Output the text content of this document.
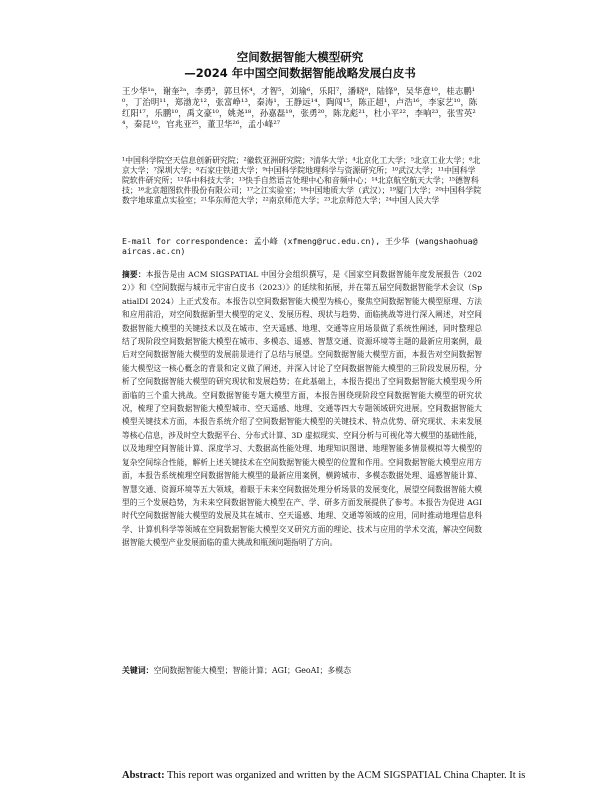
空间数据智能大模型研究
—2024 年中国空间数据智能战略发展白皮书
王少华¹ᵃ，谢奎²ᵃ，李勇³，郭旦怀⁴，才智⁵，刘瑜⁶，乐阳⁷，潘晓⁸，陆锋⁹，吴华意¹⁰，桂志鹏¹⁰，丁治明¹¹，郑渤龙¹²，张富峥¹³，秦涛¹，王静远¹⁴，陶闯¹⁵，陈正超¹，卢浩¹⁶，李家艺¹⁰，陈红阳¹⁷，乐鹏¹⁰，禹文豪¹⁰，姚尧¹⁸，孙嘉磊¹⁹，张勇²⁰，陈龙彪²¹，杜小平²²，李响²³，张雪英²⁴，秦昆¹⁰，官兆亚²⁵，董卫华²⁶，孟小峰²⁷
¹中国科学院空天信息创新研究院；²徽软亚洲研究院；³清华大学；⁴北京化工大学；⁵北京工业大学；⁶北京大学；⁷深圳大学；⁸石家庄铁道大学；⁹中国科学院地理科学与资源研究所；¹⁰武汉大学；¹¹中国科学院软件研究所；¹²华中科技大学；¹³快手自然语言处理中心和音频中心；¹⁴北京航空航天大学；¹⁵德智科技；¹⁶北京超图软件股份有限公司；¹⁷之江实验室；¹⁸中国地质大学（武汉）；¹⁹厦门大学；²⁰中国科学院数字地球重点实验室；²¹华东师范大学；²²南京师范大学；²³北京师范大学；²⁴中国人民大学
E-mail for correspondence: 孟小峰 (xfmeng@ruc.edu.cn), 王少华 (wangshaohua@aircas.ac.cn)
摘要：本报告是由 ACM SIGSPATIAL 中国分会组织撰写，是《国家空间数据智能年度发展报告（2022）》和《空间数据与城市元宇宙白皮书（2023）》的延续和拓展，并在第五届空间数据智能学术会议（SpatialDI 2024）上正式发布。本报告以空间数据智能大模型为核心，聚焦空间数据智能大模型原理、方法和应用前沿，对空间数据新型大模型的定义、发展历程、现状与趋势、面临挑战等进行深入阐述，对空间数据智能大模型的关键技术以及在城市、空天遥感、地理、交通等应用场景做了系统性阐述，同时整理总结了现阶段空间数据智能大模型在城市、多模态、遥感、智慧交通、资源环境等主题的最新应用案例，最后对空间数据智能大模型的发展前景进行了总结与展望。空间数据智能大模型方面，本报告对空间数据智能大模型这一核心概念的背景和定义做了阐述，并深入讨论了空间数据智能大模型的三阶段发展历程，分析了空间数据智能大模型的研究现状和发展趋势；在此基础上，本报告提出了空间数据智能大模型现今所面临的三个重大挑战。空间数据智能专题大模型方面，本报告围绕现阶段空间数据智能大模型的研究状况，梳理了空间数据智能大模型城市、空天遥感、地理、交通等四大专题领域研究进展。空间数据智能大模型关键技术方面，本报告系统介绍了空间数据智能大模型的关键技术、特点优势、研究现状、未来发展等核心信息，涉及时空大数据平台、分布式计算、3D 虚拟现实、空间分析与可视化等大模型的基础性能，以及地理空间智能计算、深度学习、大数据高性能处理、地理知识图谱、地理智能多情景模拟等大模型的复杂空间综合性能，解析上述关键技术在空间数据智能大模型的位置和作用。空间数据智能大模型应用方面，本报告系统梳理空间数据智能大模型的最新应用案例，横跨城市、多模态数据处理、遥感智能计算、智慧交通、资源环境等五大领域，着眼于未来空间数据处理分析场景的发展变化，展望空间数据智能大模型的三个发展趋势，为未来空间数据智能大模型在产、学、研多方面发展提供了参考。本报告为促进 AGI 时代空间数据智能大模型的发展及其在城市、空天遥感、地理、交通等领域的应用，同时推动地理信息科学、计算机科学等领域在空间数据智能大模型交叉研究方面的理论、技术与应用的学术交流，解决空间数据智能大模型产业发展面临的重大挑战和瓶颈问题指明了方向。
关键词：空间数据智能大模型；智能计算；AGI；GeoAI；多模态
Abstract: This report was organized and written by the ACM SIGSPATIAL China Chapter. It is
